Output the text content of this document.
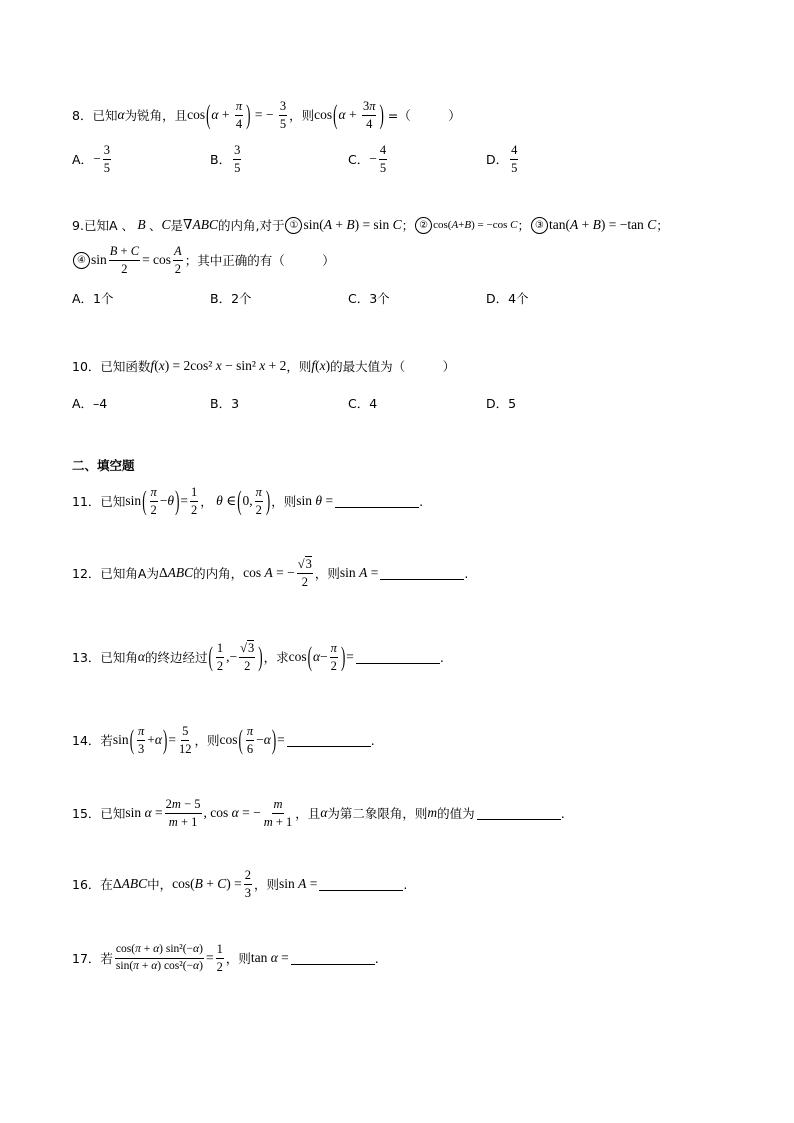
8． 已知 α 为锐角，且 cos ( $\alpha + \frac{\pi}{4}$ ) = − $\frac{3}{5}$ ，则 cos ( $\alpha + \frac{3\pi}{4}$ ) =（　　　）
A． − $\frac{3}{5}$	B． $\frac{3}{5}$	C． − $\frac{4}{5}$	D． $\frac{4}{5}$
9. 已知A 、 B 、 C 是 ∇ABC 的内角, 对于 ① sin(A + B) = sin C ； ② cos(A+B) = −cos C ； ③ tan(A + B) = −tan C ；
④ $\sin \frac{B + C}{2} = \cos \frac{A}{2}$ ；其中正确的有（　　　）
A．1个	B．2个	C．3个	D．4个
10． 已知函数 f(x) = 2cos² x − sin² x + 2 ，则 f(x) 的最大值为（　　　）
A．–4	B．3	C．4	D．5
二、填空题
11． 已知 sin ( $\frac{\pi}{2} -\theta$ ) = $\frac{1}{2}$ ， θ ∈ ( 0, $\frac{\pi}{2}$ ) ，则 sin θ =	.
12． 已知角A为 ΔABC 的内角， cos A = − $\frac{√3}{2}$ ，则 sin A =	.
13． 已知角 α 的终边经过 ( $\frac{1}{2}$ ,− $\frac{√3}{2}$ ) ，求 cos ( $\alpha - \frac{\pi}{2}$ ) =	.
14． 若 sin ( $\frac{\pi}{3} +\alpha$ ) = $\frac{5}{12}$ ，则 cos ( $\frac{\pi}{6} -\alpha$ ) =	.
15． 已知 $\sin \alpha = \frac{2m - 5}{m + 1}$ , cos α = − $\frac{m}{m + 1}$ ，且 α 为第二象限角，则 m 的值为	.
16． 在 ΔABC 中， $\cos(B + C) = \frac{2}{3}$ ，则 sin A =	.
17． 若 $\frac{\text{cos(π + α) sin²(−α)}}{\text{sin(π + α) cos²(−α)}} = \frac{1}{2}$ ，则 tan α =	.
